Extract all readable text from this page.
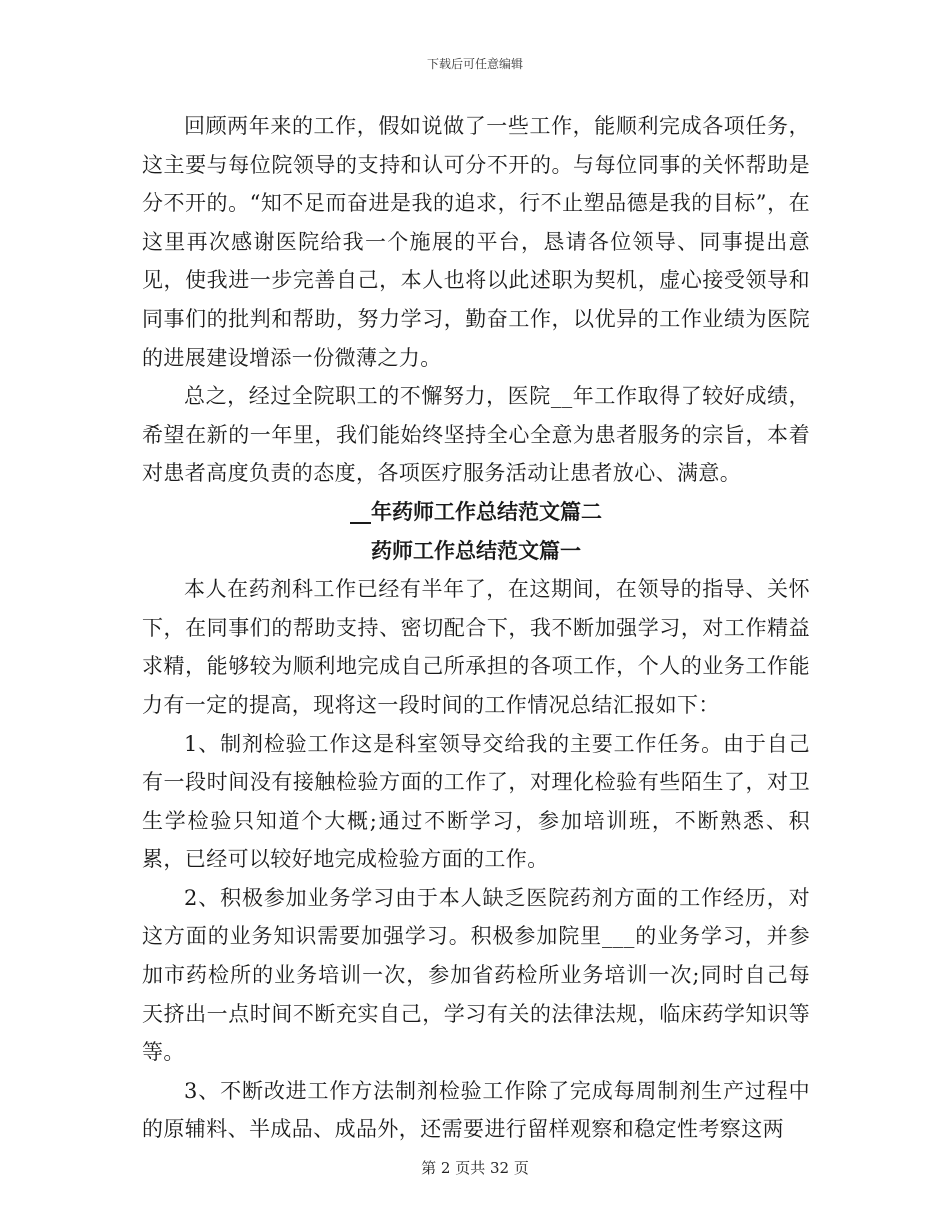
下载后可任意编辑

回顾两年来的工作，假如说做了一些工作，能顺利完成各项任务，这主要与每位院领导的支持和认可分不开的。与每位同事的关怀帮助是分不开的。“知不足而奋进是我的追求，行不止塑品德是我的目标”，在这里再次感谢医院给我一个施展的平台，恳请各位领导、同事提出意见，使我进一步完善自己，本人也将以此述职为契机，虚心接受领导和同事们的批判和帮助，努力学习，勤奋工作，以优异的工作业绩为医院的进展建设增添一份微薄之力。

总之，经过全院职工的不懈努力，医院__年工作取得了较好成绩，希望在新的一年里，我们能始终坚持全心全意为患者服务的宗旨，本着对患者高度负责的态度，各项医疗服务活动让患者放心、满意。

__年药师工作总结范文篇二

药师工作总结范文篇一

本人在药剂科工作已经有半年了，在这期间，在领导的指导、关怀下，在同事们的帮助支持、密切配合下，我不断加强学习，对工作精益求精，能够较为顺利地完成自己所承担的各项工作，个人的业务工作能力有一定的提高，现将这一段时间的工作情况总结汇报如下：

1、制剂检验工作这是科室领导交给我的主要工作任务。由于自己有一段时间没有接触检验方面的工作了，对理化检验有些陌生了，对卫生学检验只知道个大概;通过不断学习，参加培训班，不断熟悉、积累，已经可以较好地完成检验方面的工作。

2、积极参加业务学习由于本人缺乏医院药剂方面的工作经历，对这方面的业务知识需要加强学习。积极参加院里___的业务学习，并参加市药检所的业务培训一次，参加省药检所业务培训一次;同时自己每天挤出一点时间不断充实自己，学习有关的法律法规，临床药学知识等等。

3、不断改进工作方法制剂检验工作除了完成每周制剂生产过程中的原辅料、半成品、成品外，还需要进行留样观察和稳定性考察这两

第 2 页共 32 页
